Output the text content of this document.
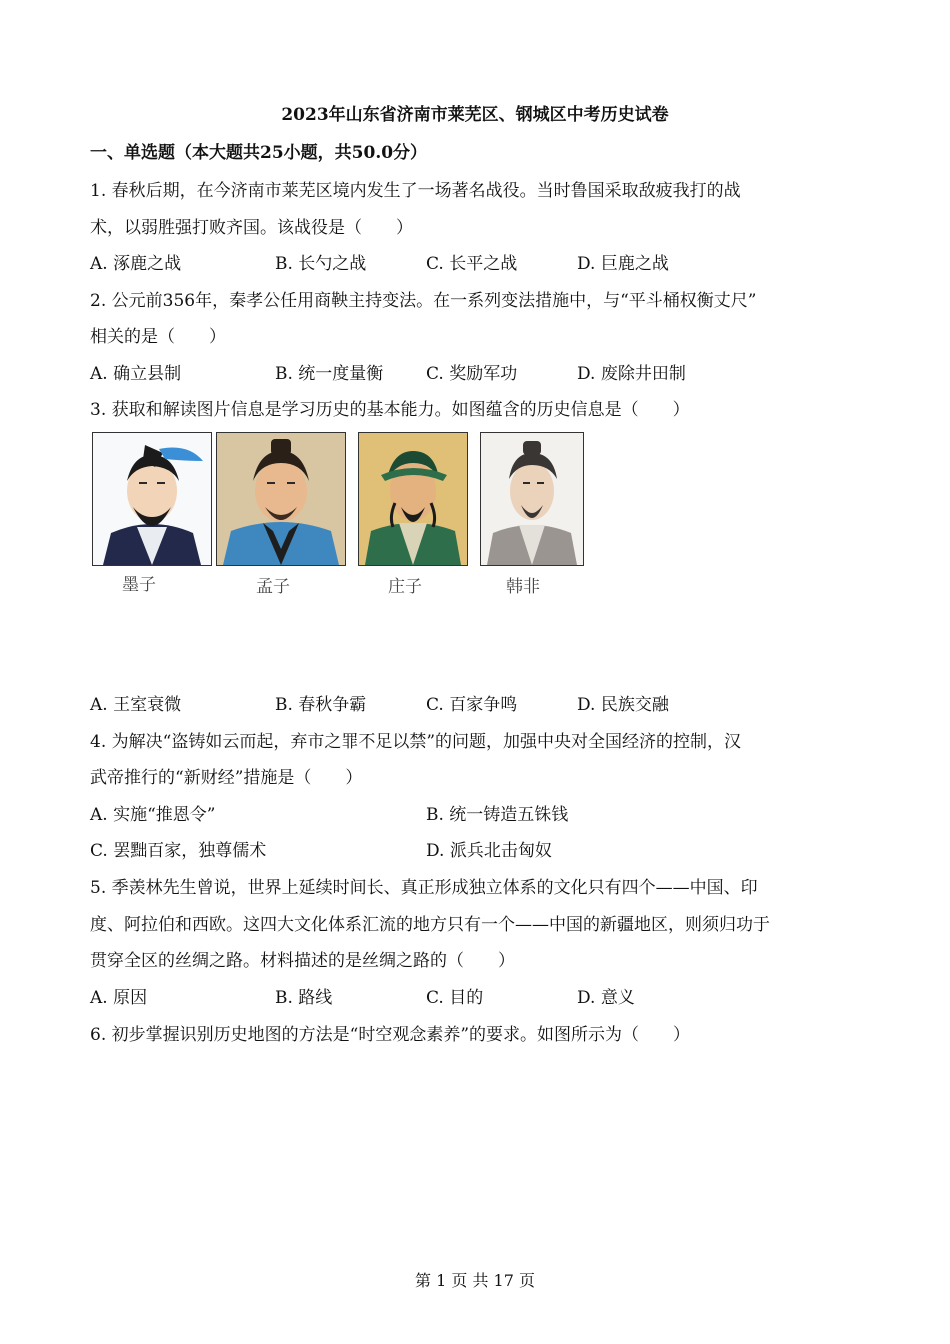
2023年山东省济南市莱芜区、钢城区中考历史试卷
一、单选题（本大题共25小题，共50.0分）
1. 春秋后期，在今济南市莱芜区境内发生了一场著名战役。当时鲁国采取敌疲我打的战
术，以弱胜强打败齐国。该战役是（　　）
A. 涿鹿之战	B. 长勺之战	C. 长平之战	D. 巨鹿之战
2. 公元前356年，秦孝公任用商鞅主持变法。在一系列变法措施中，与“平斗桶权衡丈尺”
相关的是（　　）
A. 确立县制	B. 统一度量衡	C. 奖励军功	D. 废除井田制
3. 获取和解读图片信息是学习历史的基本能力。如图蕴含的历史信息是（　　）
墨子	孟子	庄子	韩非
A. 王室衰微	B. 春秋争霸	C. 百家争鸣	D. 民族交融
4. 为解决“盗铸如云而起，弃市之罪不足以禁”的问题，加强中央对全国经济的控制，汉
武帝推行的“新财经”措施是（　　）
A. 实施“推恩令”	B. 统一铸造五铢钱
C. 罢黜百家，独尊儒术	D. 派兵北击匈奴
5. 季羡林先生曾说，世界上延续时间长、真正形成独立体系的文化只有四个——中国、印
度、阿拉伯和西欧。这四大文化体系汇流的地方只有一个——中国的新疆地区，则须归功于
贯穿全区的丝绸之路。材料描述的是丝绸之路的（　　）
A. 原因	B. 路线	C. 目的	D. 意义
6. 初步掌握识别历史地图的方法是“时空观念素养”的要求。如图所示为（　　）
第 1 页 共 17 页
